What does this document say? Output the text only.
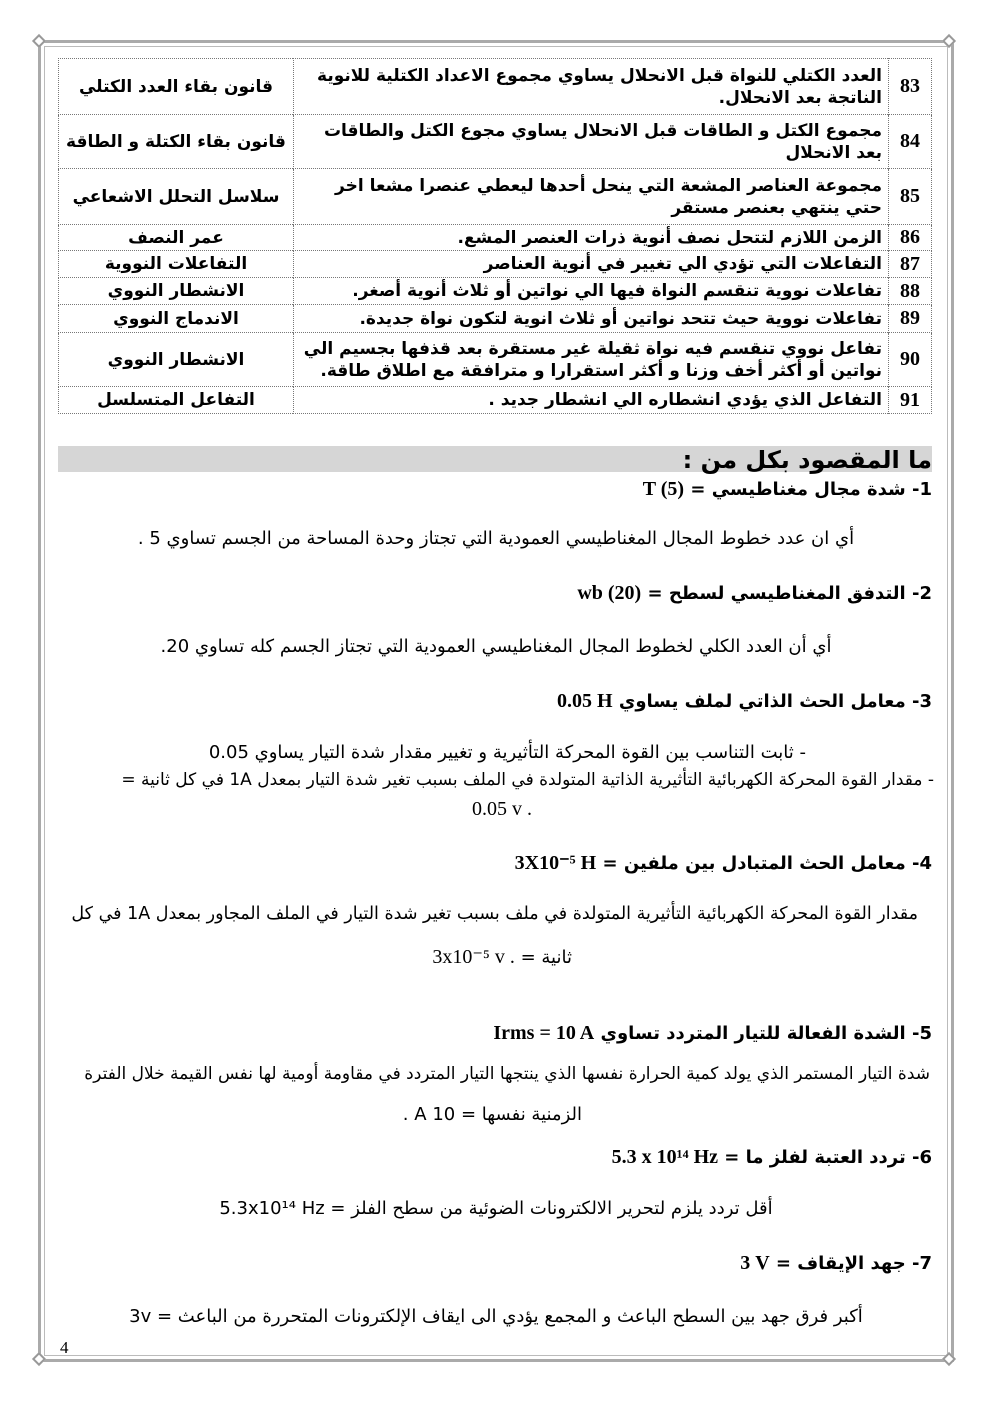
83	العدد الكتلي للنواة قبل الانحلال يساوي مجموع الاعداد الكتلية للانوية الناتجة بعد الانحلال.	قانون بقاء العدد الكتلي
84	مجموع الكتل و الطاقات قبل الانحلال يساوي مجوع الكتل والطاقات بعد الانحلال	قانون بقاء الكتلة و الطاقة
85	مجموعة العناصر المشعة التي ينحل أحدها ليعطي عنصرا مشعا اخر حتي ينتهي بعنصر مستقر	سلاسل التحلل الاشعاعي
86	الزمن اللازم لتتحل نصف أنوية ذرات العنصر المشع.	عمر النصف
87	التفاعلات التي تؤدي الي تغيير في أنوية العناصر	التفاعلات النووية
88	تفاعلات نووية تنقسم النواة فيها الي نواتين أو ثلاث أنوية أصغر.	الانشطار النووي
89	تفاعلات نووية حيث تتحد نواتين أو ثلاث انوية لتكون نواة جديدة.	الاندماج النووي
90	تفاعل نووي تنقسم فيه نواة ثقيلة غير مستقرة بعد قذفها بجسيم الي نواتين أو أكثر أخف وزنا و أكثر استقرارا و مترافقة مع اطلاق طاقة.	الانشطار النووي
91	التفاعل الذي يؤدي انشطاره الي انشطار جديد .	التفاعل المتسلسل
ما المقصود بكل من :
1- شدة مجال مغناطيسي = T (5)
أي ان عدد خطوط المجال المغناطيسي العمودية التي تجتاز وحدة المساحة من الجسم تساوي 5 .
2- التدفق المغناطيسي لسطح = wb (20)
أي أن العدد الكلي لخطوط المجال المغناطيسي العمودية التي تجتاز الجسم كله تساوي 20.
3- معامل الحث الذاتي لملف يساوي 0.05 H
- ثابت التناسب بين القوة المحركة التأثيرية و تغيير مقدار شدة التيار يساوي 0.05
- مقدار القوة المحركة الكهربائية التأثيرية الذاتية المتولدة في الملف بسبب تغير شدة التيار بمعدل 1A في كل ثانية =
0.05 v .
4- معامل الحث المتبادل بين ملفين = 3X10⁻⁵ H
مقدار القوة المحركة الكهربائية التأثيرية المتولدة في ملف بسبب تغير شدة التيار في الملف المجاور بمعدل 1A في كل
ثانية = 3x10⁻⁵ v .
5- الشدة الفعالة للتيار المتردد تساوي Irms = 10 A
شدة التيار المستمر الذي يولد كمية الحرارة نفسها الذي ينتجها التيار المتردد في مقاومة أومية لها نفس القيمة خلال الفترة
الزمنية نفسها = 10 A .
6- تردد العتبة لفلز ما = 5.3 x 10¹⁴ Hz
أقل تردد يلزم لتحرير الالكترونات الضوئية من سطح الفلز = 5.3x10¹⁴ Hz
7- جهد الإيقاف = 3 V
أكبر فرق جهد بين السطح الباعث و المجمع يؤدي الى ايقاف الإلكترونات المتحررة من الباعث = 3v
4
